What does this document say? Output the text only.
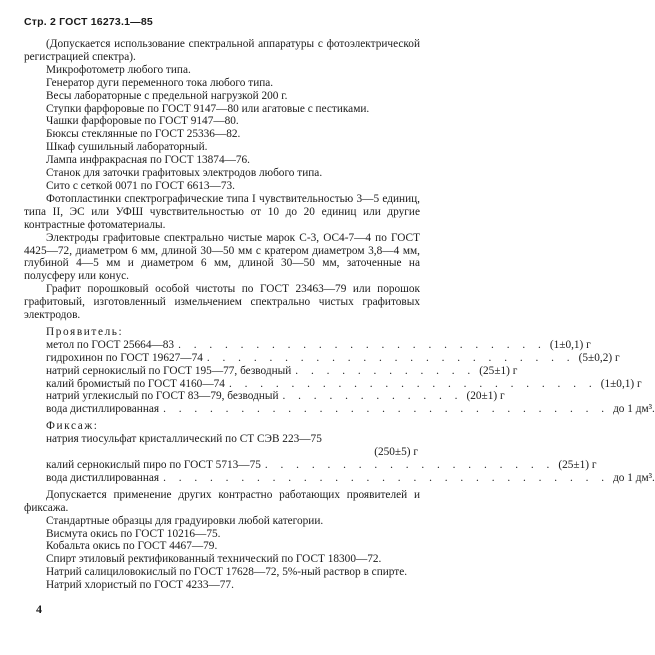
Стр. 2 ГОСТ 16273.1—85

(Допускается использование спектральной аппаратуры с фотоэлектрической регистрацией спектра).

Микрофотометр любого типа.

Генератор дуги переменного тока любого типа.

Весы лабораторные с предельной нагрузкой 200 г.

Ступки фарфоровые по ГОСТ 9147—80 или агатовые с пестиками.

Чашки фарфоровые по ГОСТ 9147—80.

Бюксы стеклянные по ГОСТ 25336—82.

Шкаф сушильный лабораторный.

Лампа инфракрасная по ГОСТ 13874—76.

Станок для заточки графитовых электродов любого типа.

Сито с сеткой 0071 по ГОСТ 6613—73.

Фотопластинки спектрографические типа I чувствительностью 3—5 единиц, типа II, ЭС или УФШ чувствительностью от 10 до 20 единиц или другие контрастные фотоматериалы.

Электроды графитовые спектрально чистые марок С-3, ОС4-7—4 по ГОСТ 4425—72, диаметром 6 мм, длиной 30—50 мм с кратером диаметром 3,8—4 мм, глубиной 4—5 мм и диаметром 6 мм, длиной 30—50 мм, заточенные на полусферу или конус.

Графит порошковый особой чистоты по ГОСТ 23463—79 или порошок графитовый, изготовленный измельчением спектрально чистых графитовых электродов.

Проявитель:

метол по ГОСТ 25664—83 . . . . . . . . . . . . . . . . . . . . . . . . (1±0,1) г
гидрохинон по ГОСТ 19627—74 . . . . . . . . . . . . . . . . . . . . . . . . (5±0,2) г
натрий сернокислый по ГОСТ 195—77, безводный . . . . . . . . . . . . (25±1) г
калий бромистый по ГОСТ 4160—74 . . . . . . . . . . . . . . . . . . . . . . . . (1±0,1) г
натрий углекислый по ГОСТ 83—79, безводный . . . . . . . . . . . . (20±1) г
вода дистиллированная . . . . . . . . . . . . . . . . . . . . . . . . . . . . . до 1 дм³.

Фиксаж:

натрия тиосульфат кристаллический по СТ СЭВ 223—75
(250±5) г
калий сернокислый пиро по ГОСТ 5713—75 . . . . . . . . . . . . . . . . . . . (25±1) г
вода дистиллированная . . . . . . . . . . . . . . . . . . . . . . . . . . . . . до 1 дм³.

Допускается применение других контрастно работающих проявителей и фиксажа.

Стандартные образцы для градуировки любой категории.

Висмута окись по ГОСТ 10216—75.

Кобальта окись по ГОСТ 4467—79.

Спирт этиловый ректификованный технический по ГОСТ 18300—72.

Натрий салициловокислый по ГОСТ 17628—72, 5%-ный раствор в спирте.

Натрий хлористый по ГОСТ 4233—77.

4
